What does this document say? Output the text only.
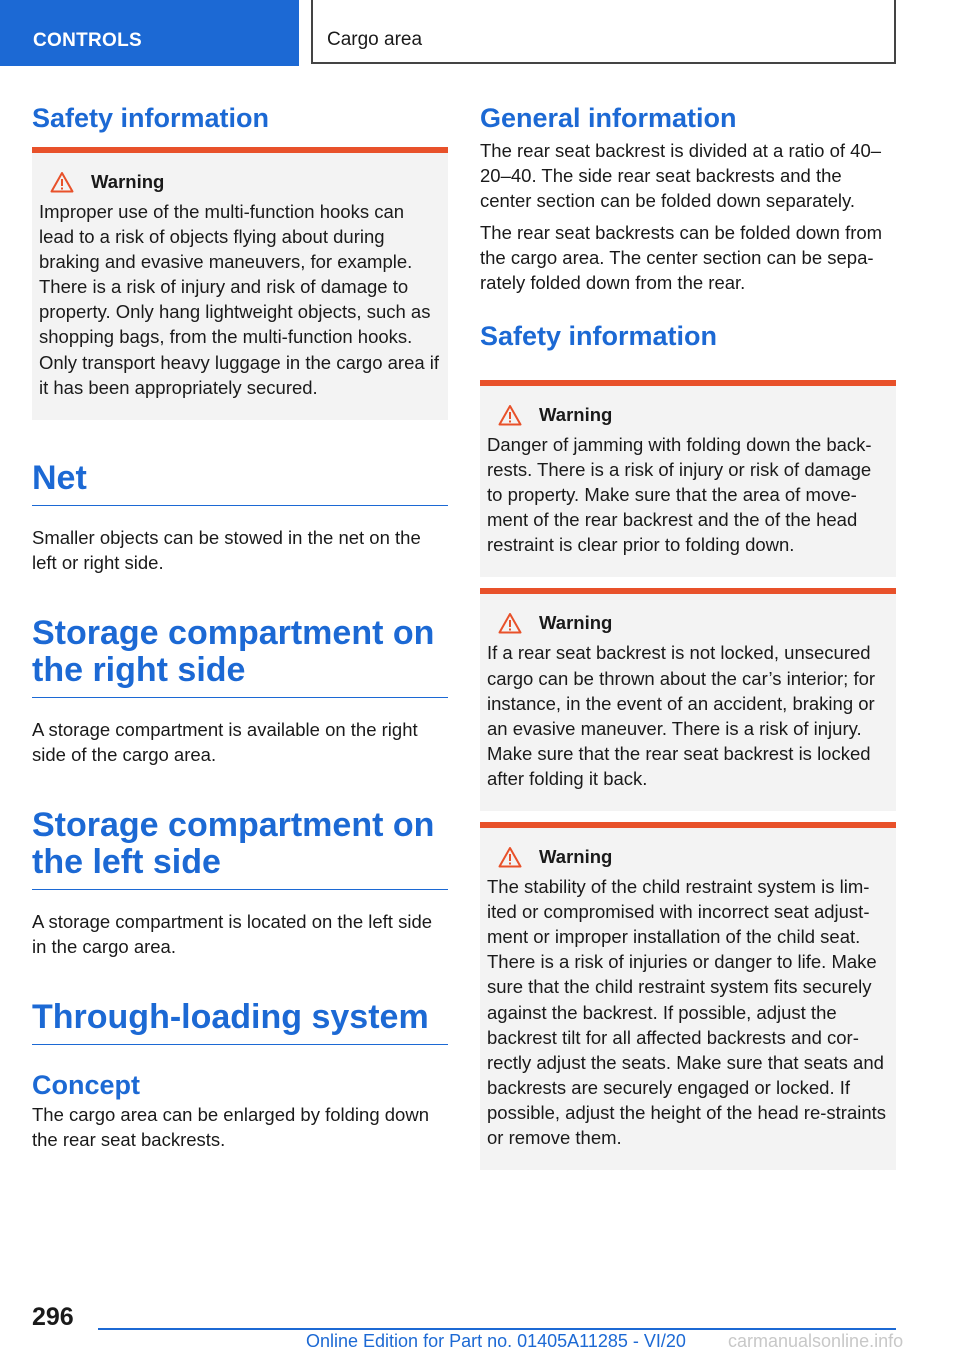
CONTROLS	Cargo area
Safety information
Warning

Improper use of the multi-function hooks can lead to a risk of objects flying about during braking and evasive maneuvers, for example. There is a risk of injury and risk of damage to property. Only hang lightweight objects, such as shopping bags, from the multi-function hooks. Only transport heavy luggage in the cargo area if it has been appropriately secured.

Net

Smaller objects can be stowed in the net on the left or right side.

Storage compartment on the right side

A storage compartment is available on the right side of the cargo area.

Storage compartment on the left side

A storage compartment is located on the left side in the cargo area.

Through-loading system
Concept

The cargo area can be enlarged by folding down the rear seat backrests.

General information

The rear seat backrest is divided at a ratio of 40–20–40. The side rear seat backrests and the center section can be folded down separately.

The rear seat backrests can be folded down from the cargo area. The center section can be sepa-rately folded down from the rear.

Safety information
Warning

Danger of jamming with folding down the back-rests. There is a risk of injury or risk of damage to property. Make sure that the area of move-ment of the rear backrest and the of the head restraint is clear prior to folding down.

Warning

If a rear seat backrest is not locked, unsecured cargo can be thrown about the car’s interior; for instance, in the event of an accident, braking or an evasive maneuver. There is a risk of injury. Make sure that the rear seat backrest is locked after folding it back.

Warning

The stability of the child restraint system is lim-ited or compromised with incorrect seat adjust-ment or improper installation of the child seat. There is a risk of injuries or danger to life. Make sure that the child restraint system fits securely against the backrest. If possible, adjust the backrest tilt for all affected backrests and cor-rectly adjust the seats. Make sure that seats and backrests are securely engaged or locked. If possible, adjust the height of the head re-straints or remove them.

296
Online Edition for Part no. 01405A11285 - VI/20 carmanualsonline.info
